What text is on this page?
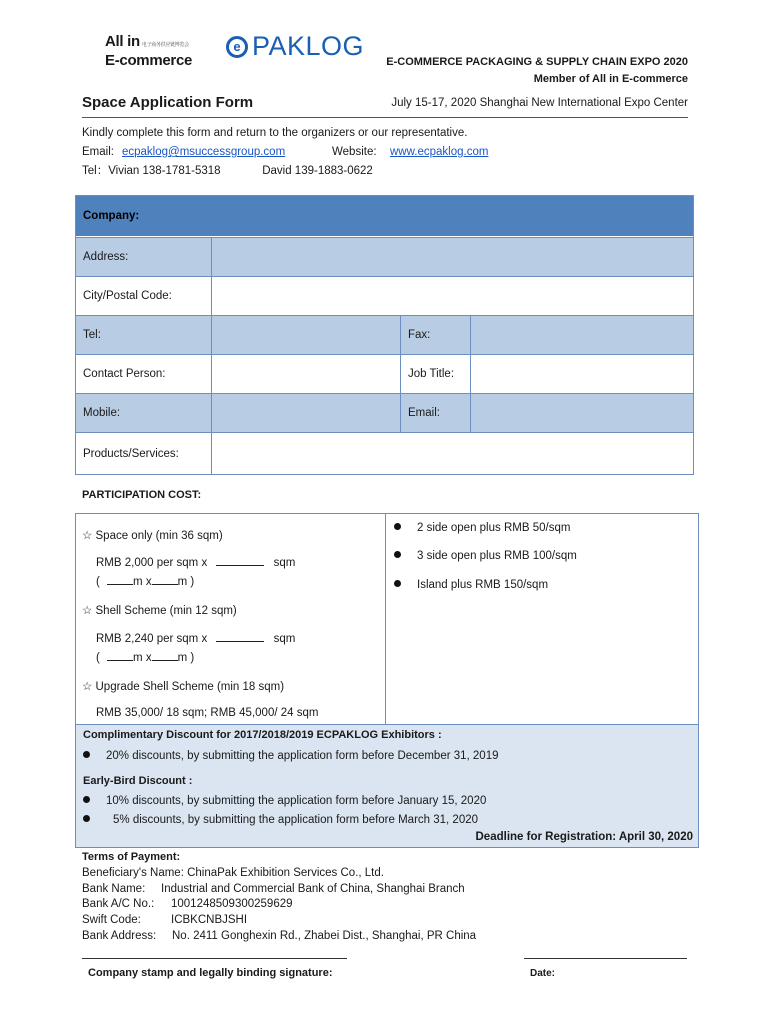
All in 电子商务供应链博览会
E-commerce
e PAKLOG
E-COMMERCE PACKAGING & SUPPLY CHAIN EXPO 2020
Member of All in E-commerce
Space Application Form	July 15-17, 2020 Shanghai New International Expo Center
Kindly complete this form and return to the organizers or our representative.
Email: ecpaklog@msuccessgroup.com	Website: www.ecpaklog.com
Tel：Vivian 138-1781-5318	David 139-1883-0622
Company:
Address:
City/Postal Code:
Tel:	Fax:
Contact Person:	Job Title:
Mobile:	Email:
Products/Services:
PARTICIPATION COST:
☆ Space only (min 36 sqm)
RMB 2,000 per sqm x	sqm
(	m x m )
☆ Shell Scheme (min 12 sqm)
RMB 2,240 per sqm x	sqm
(	m x m )
☆ Upgrade Shell Scheme (min 18 sqm)
RMB 35,000/ 18 sqm; RMB 45,000/ 24 sqm
2 side open plus RMB 50/sqm
3 side open plus RMB 100/sqm
Island plus RMB 150/sqm
Complimentary Discount for 2017/2018/2019 ECPAKLOG Exhibitors :
20% discounts, by submitting the application form before December 31, 2019
Early-Bird Discount :
10% discounts, by submitting the application form before January 15, 2020
5% discounts, by submitting the application form before March 31, 2020
Deadline for Registration: April 30, 2020
Terms of Payment:
Beneficiary's Name: ChinaPak Exhibition Services Co., Ltd.
Bank Name: Industrial and Commercial Bank of China, Shanghai Branch
Bank A/C No.: 1001248509300259629
Swift Code:	ICBKCNBJSHI
Bank Address: No. 2411 Gonghexin Rd., Zhabei Dist., Shanghai, PR China
Company stamp and legally binding signature:	Date:
